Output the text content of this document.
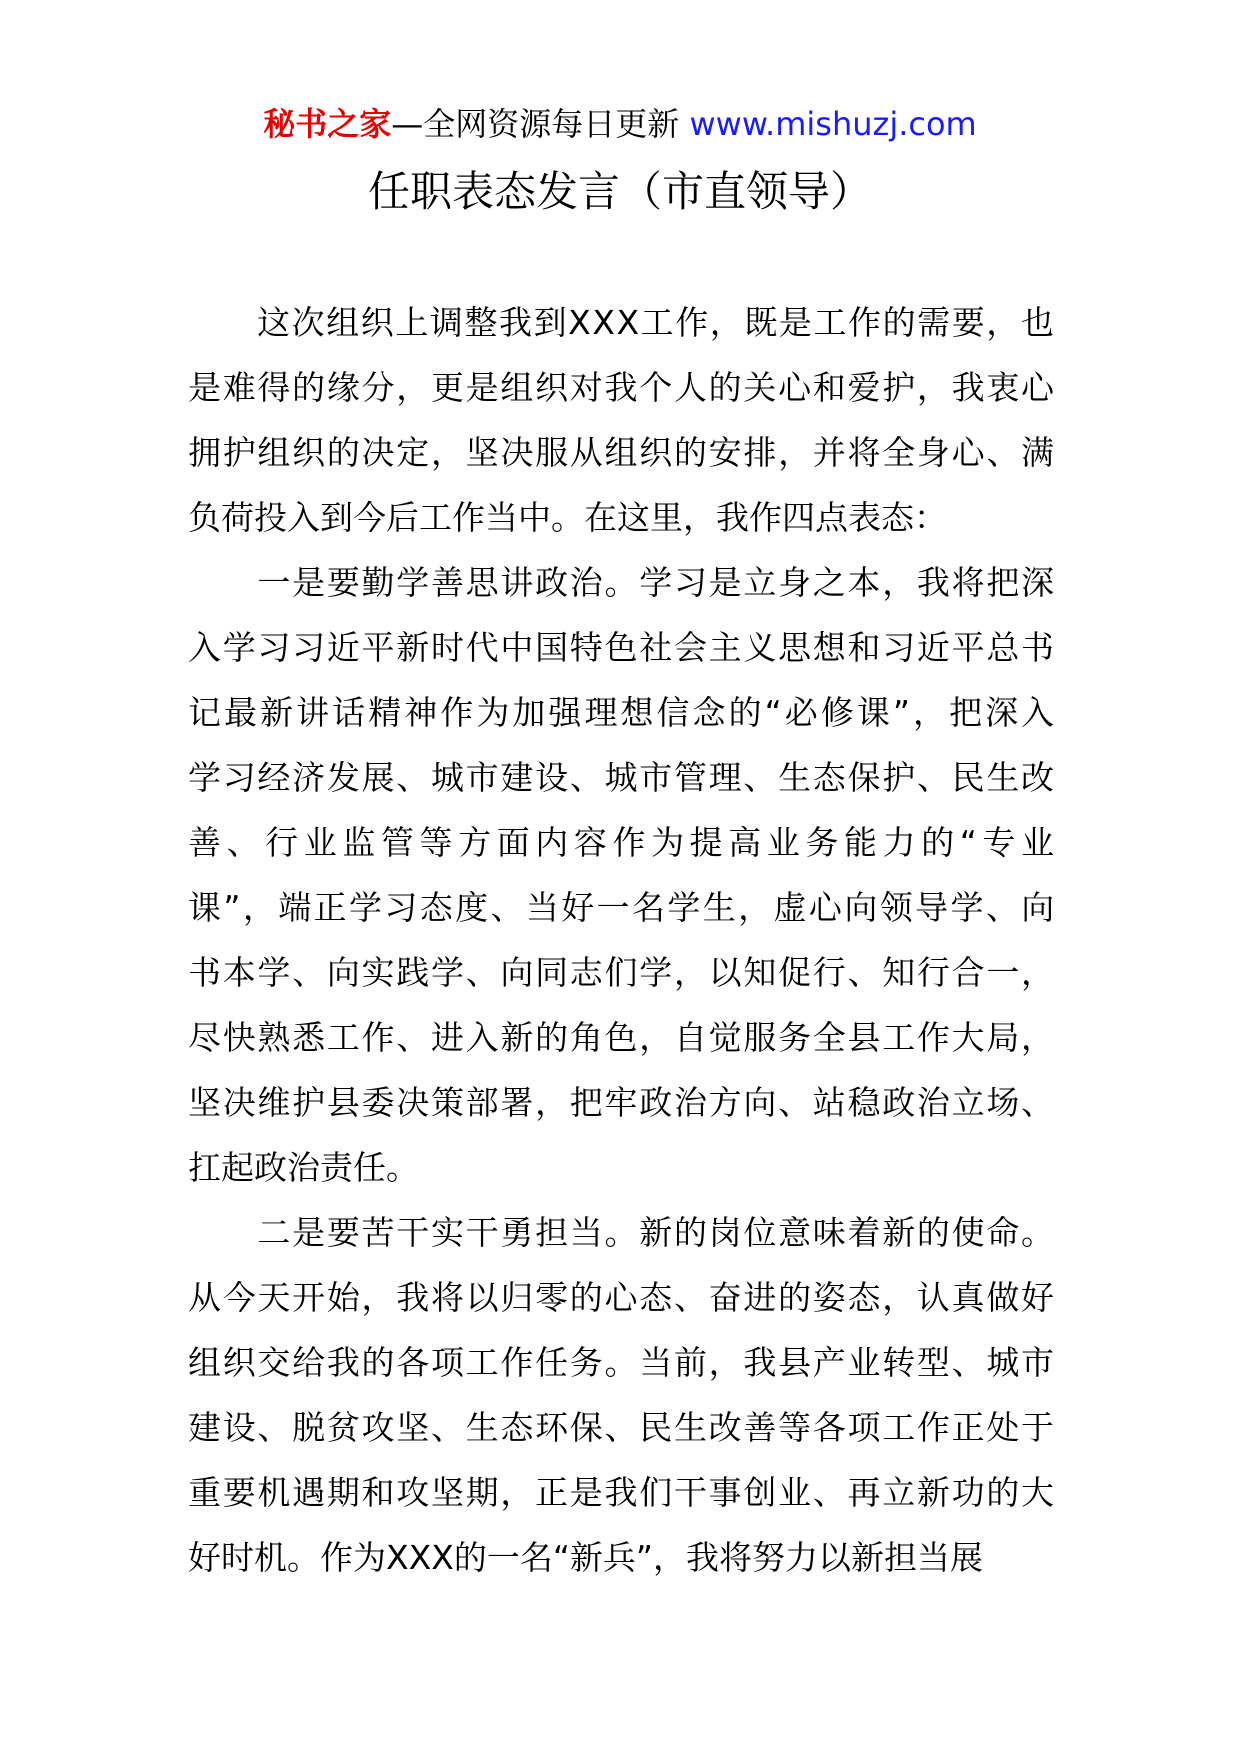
秘书之家—全网资源每日更新 www.mishuzj.com
任职表态发言（市直领导）
　　这次组织上调整我到XXX工作，既是工作的需要，也
是难得的缘分，更是组织对我个人的关心和爱护，我衷心
拥护组织的决定，坚决服从组织的安排，并将全身心、满
负荷投入到今后工作当中。在这里，我作四点表态：
　　一是要勤学善思讲政治。学习是立身之本，我将把深
入学习习近平新时代中国特色社会主义思想和习近平总书
记最新讲话精神作为加强理想信念的“必修课”，把深入
学习经济发展、城市建设、城市管理、生态保护、民生改
善、行业监管等方面内容作为提高业务能力的“专业
课”，端正学习态度、当好一名学生，虚心向领导学、向
书本学、向实践学、向同志们学，以知促行、知行合一，
尽快熟悉工作、进入新的角色，自觉服务全县工作大局，
坚决维护县委决策部署，把牢政治方向、站稳政治立场、
扛起政治责任。
　　二是要苦干实干勇担当。新的岗位意味着新的使命。
从今天开始，我将以归零的心态、奋进的姿态，认真做好
组织交给我的各项工作任务。当前，我县产业转型、城市
建设、脱贫攻坚、生态环保、民生改善等各项工作正处于
重要机遇期和攻坚期，正是我们干事创业、再立新功的大
好时机。作为XXX的一名“新兵”，我将努力以新担当展
